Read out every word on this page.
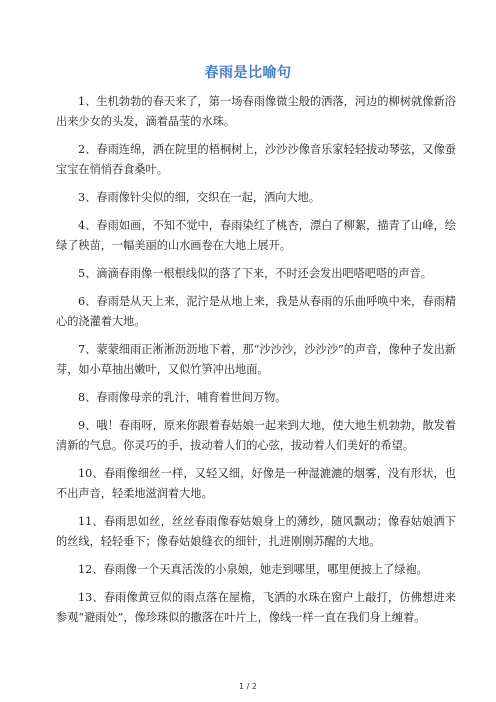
春雨是比喻句

1、生机勃勃的春天来了，第一场春雨像微尘般的洒落，河边的柳树就像新浴出来少女的头发，滴着晶莹的水珠。

2、春雨连绵，洒在院里的梧桐树上，沙沙沙像音乐家轻轻拔动琴弦，又像蚕宝宝在悄悄吞食桑叶。

3、春雨像针尖似的细，交织在一起，洒向大地。

4、春雨如画，不知不觉中，春雨染红了桃杏，漂白了柳絮，描青了山峰，绘绿了秧苗，一幅美丽的山水画卷在大地上展开。

5、滴滴春雨像一根根线似的落了下来，不时还会发出吧嗒吧嗒的声音。

6、春雨是从天上来，泥泞是从地上来，我是从春雨的乐曲呼唤中来，春雨精心的浇灌着大地。

7、蒙蒙细雨正淅淅沥沥地下着，那“沙沙沙，沙沙沙”的声音，像种子发出新芽，如小草抽出嫩叶，又似竹笋冲出地面。

8、春雨像母亲的乳汁，哺育着世间万物。

9、哦！春雨呀，原来你跟着春姑娘一起来到大地，使大地生机勃勃，散发着清新的气息。你灵巧的手，拔动着人们的心弦，拔动着人们美好的希望。

10、春雨像细丝一样，又轻又细，好像是一种湿漉漉的烟雾，没有形状，也不出声音，轻柔地滋润着大地。

11、春雨思如丝，丝丝春雨像春姑娘身上的薄纱，随风飘动；像春姑娘洒下的丝线，轻轻垂下；像春姑娘缝衣的细针，扎进刚刚苏醒的大地。

12、春雨像一个天真活泼的小泉娘，她走到哪里，哪里便披上了绿袍。

13、春雨像黄豆似的雨点落在屋檐，飞洒的水珠在窗户上敲打，仿佛想进来参观“避雨处”，像珍珠似的撒落在叶片上，像线一样一直在我们身上缠着。

1 / 2
